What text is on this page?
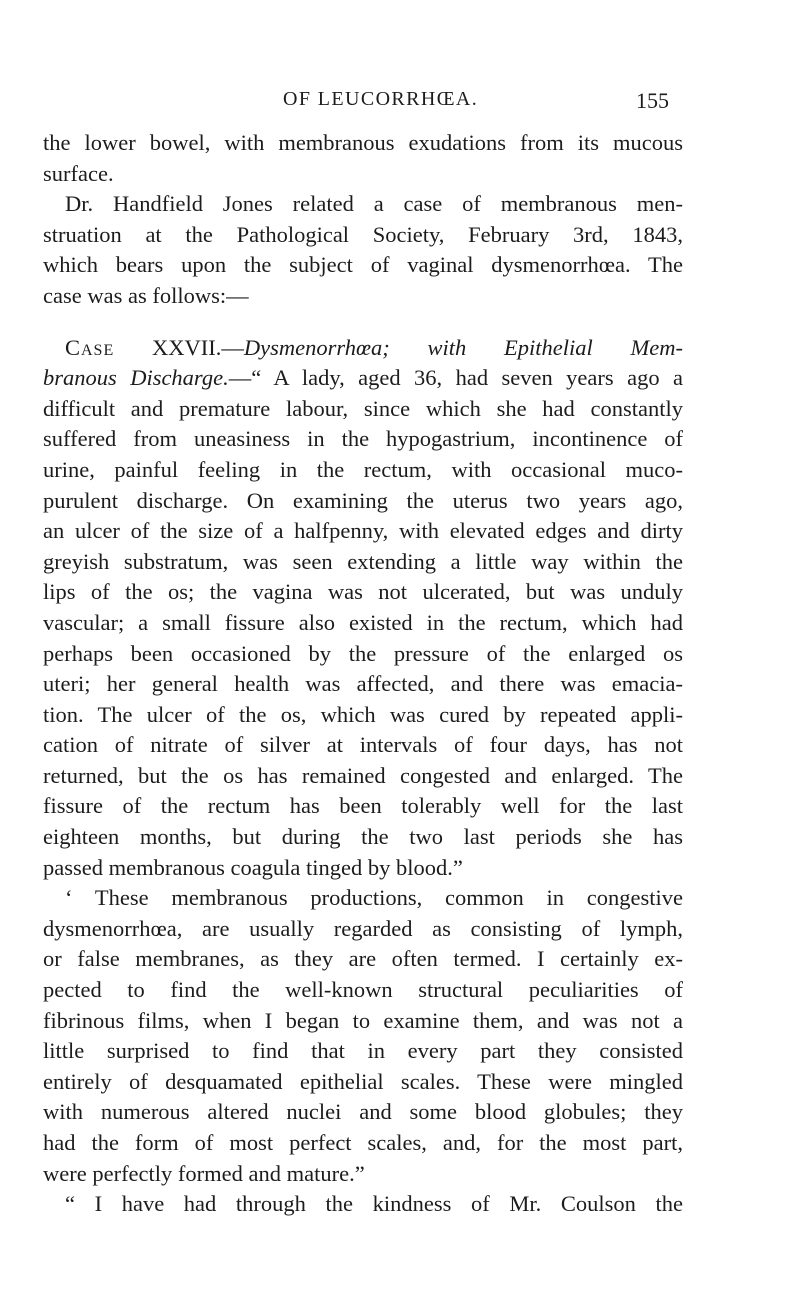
OF LEUCORRHŒA.	155
the lower bowel, with membranous exudations from its mucous
surface.
Dr. Handfield Jones related a case of membranous men-
struation at the Pathological Society, February 3rd, 1843,
which bears upon the subject of vaginal dysmenorrhœa. The
case was as follows:—
Case XXVII.—Dysmenorrhœa; with Epithelial Mem-
branous Discharge.—“ A lady, aged 36, had seven years ago a
difficult and premature labour, since which she had constantly
suffered from uneasiness in the hypogastrium, incontinence of
urine, painful feeling in the rectum, with occasional muco-
purulent discharge. On examining the uterus two years ago,
an ulcer of the size of a halfpenny, with elevated edges and dirty
greyish substratum, was seen extending a little way within the
lips of the os; the vagina was not ulcerated, but was unduly
vascular; a small fissure also existed in the rectum, which had
perhaps been occasioned by the pressure of the enlarged os
uteri; her general health was affected, and there was emacia-
tion. The ulcer of the os, which was cured by repeated appli-
cation of nitrate of silver at intervals of four days, has not
returned, but the os has remained congested and enlarged. The
fissure of the rectum has been tolerably well for the last
eighteen months, but during the two last periods she has
passed membranous coagula tinged by blood.”
‘ These membranous productions, common in congestive
dysmenorrhœa, are usually regarded as consisting of lymph,
or false membranes, as they are often termed. I certainly ex-
pected to find the well-known structural peculiarities of
fibrinous films, when I began to examine them, and was not a
little surprised to find that in every part they consisted
entirely of desquamated epithelial scales. These were mingled
with numerous altered nuclei and some blood globules; they
had the form of most perfect scales, and, for the most part,
were perfectly formed and mature.”
“ I have had through the kindness of Mr. Coulson the
